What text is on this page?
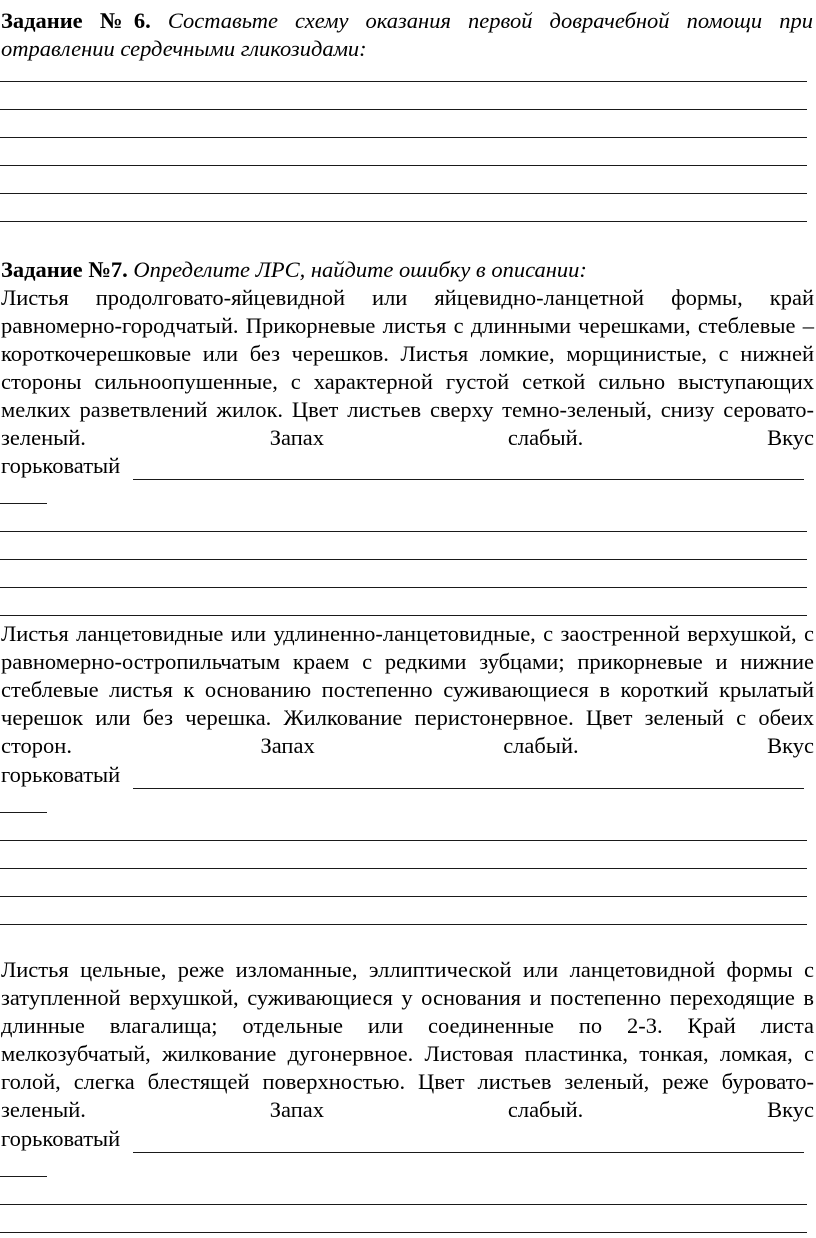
Задание №6. Составьте схему оказания первой доврачебной помощи при отравлении сердечными гликозидами:
Задание №7. Определите ЛРС, найдите ошибку в описании:
Листья продолговато-яйцевидной или яйцевидно-ланцетной формы, край равномерно-городчатый. Прикорневые листья с длинными черешками, стеблевые – короткочерешковые или без черешков. Листья ломкие, морщинистые, с нижней стороны сильноопушенные, с характерной густой сеткой сильно выступающих мелких разветвлений жилок. Цвет листьев сверху темно-зеленый, снизу серовато-зеленый. Запах слабый. Вкус
горьковатый
Листья ланцетовидные или удлиненно-ланцетовидные, с заостренной верхушкой, с равномерно-остропильчатым краем с редкими зубцами; прикорневые и нижние стеблевые листья к основанию постепенно суживающиеся в короткий крылатый черешок или без черешка. Жилкование перистонервное. Цвет зеленый с обеих сторон. Запах слабый. Вкус
горьковатый
Листья цельные, реже изломанные, эллиптической или ланцетовидной формы с затупленной верхушкой, суживающиеся у основания и постепенно переходящие в длинные влагалища; отдельные или соединенные по 2-3. Край листа мелкозубчатый, жилкование дугонервное. Листовая пластинка, тонкая, ломкая, с голой, слегка блестящей поверхностью. Цвет листьев зеленый, реже буровато-зеленый. Запах слабый. Вкус
горьковатый
